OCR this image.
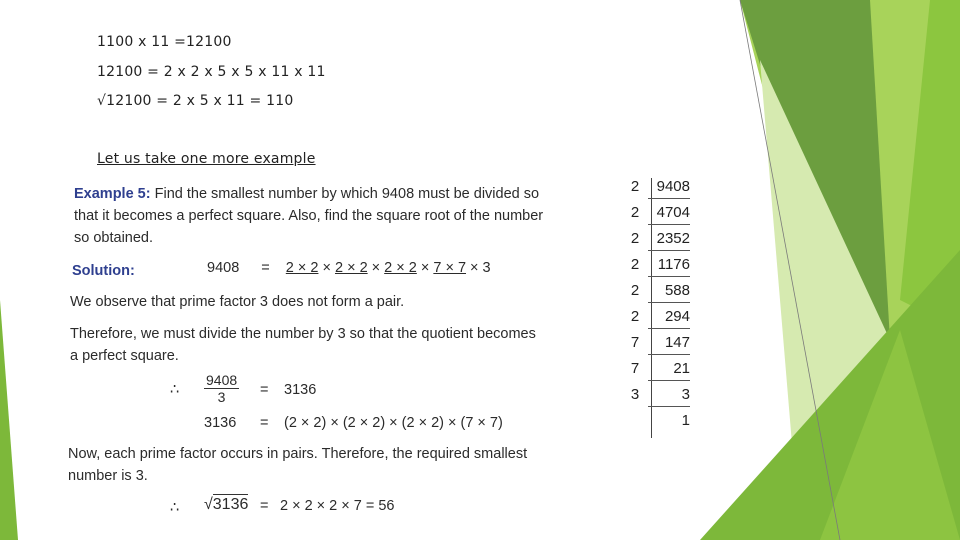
1100 x 11 =12100
12100 = 2 x 2 x 5 x 5 x 11 x 11
√12100 = 2 x 5 x 11 = 110
Let us take one more example
Example 5: Find the smallest number by which 9408 must be divided so
that it becomes a perfect square. Also, find the square root of the number
so obtained.
Solution:	9408 = 2 × 2 × 2 × 2 × 2 × 2 × 7 × 7 × 3
We observe that prime factor 3 does not form a pair.
Therefore, we must divide the number by 3 so that the quotient becomes
a perfect square.
∴ $\frac{9408}{3} = 3136$
3136 = (2 × 2) × (2 × 2) × (2 × 2) × (7 × 7)
Now, each prime factor occurs in pairs. Therefore, the required smallest
number is 3.
∴ √3136 = 2 × 2 × 2 × 7 = 56
2	9408
2	4704
2	2352
2	1176
2	588
2	294
7	147
7	21
3	3
1
